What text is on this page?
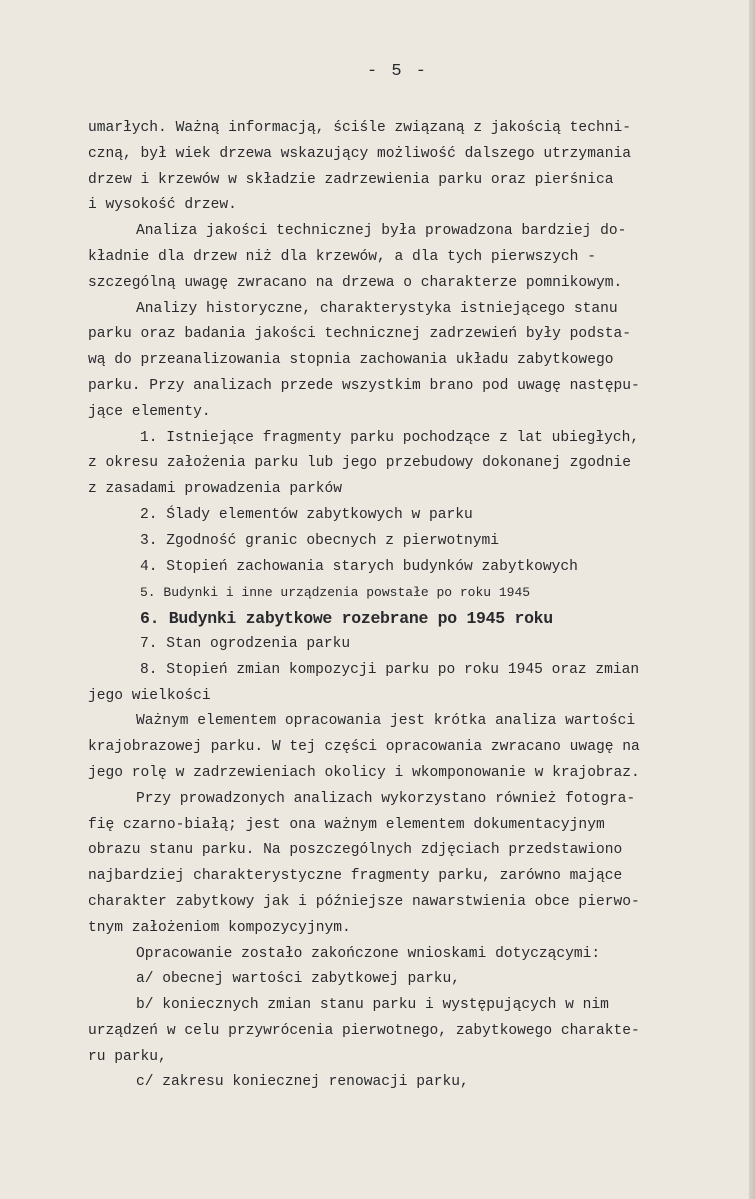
- 5 -
umarłych. Ważną informacją, ściśle związaną z jakością techni-
czną, był wiek drzewa wskazujący możliwość dalszego utrzymania
drzew i krzewów w składzie zadrzewienia parku oraz pierśnica
i wysokość drzew.
Analiza jakości technicznej była prowadzona bardziej do-
kładnie dla drzew niż dla krzewów, a dla tych pierwszych -
szczególną uwagę zwracano na drzewa o charakterze pomnikowym.
Analizy historyczne, charakterystyka istniejącego stanu
parku oraz badania jakości technicznej zadrzewień były podsta-
wą do przeanalizowania stopnia zachowania układu zabytkowego
parku. Przy analizach przede wszystkim brano pod uwagę następu-
jące elementy.
1. Istniejące fragmenty parku pochodzące z lat ubiegłych,
z okresu założenia parku lub jego przebudowy dokonanej zgodnie
z zasadami prowadzenia parków
2. Ślady elementów zabytkowych w parku
3. Zgodność granic obecnych z pierwotnymi
4. Stopień zachowania starych budynków zabytkowych
5. Budynki i inne urządzenia powstałe po roku 1945
6. Budynki zabytkowe rozebrane po 1945 roku
7. Stan ogrodzenia parku
8. Stopień zmian kompozycji parku po roku 1945 oraz zmian
jego wielkości
Ważnym elementem opracowania jest krótka analiza wartości
krajobrazowej parku. W tej części opracowania zwracano uwagę na
jego rolę w zadrzewieniach okolicy i wkomponowanie w krajobraz.
Przy prowadzonych analizach wykorzystano również fotogra-
fię czarno-białą; jest ona ważnym elementem dokumentacyjnym
obrazu stanu parku. Na poszczególnych zdjęciach przedstawiono
najbardziej charakterystyczne fragmenty parku, zarówno mające
charakter zabytkowy jak i późniejsze nawarstwienia obce pierwo-
tnym założeniom kompozycyjnym.
Opracowanie zostało zakończone wnioskami dotyczącymi:
a/ obecnej wartości zabytkowej parku,
b/ koniecznych zmian stanu parku i występujących w nim
urządzeń w celu przywrócenia pierwotnego, zabytkowego charakte-
ru parku,
c/ zakresu koniecznej renowacji parku,
